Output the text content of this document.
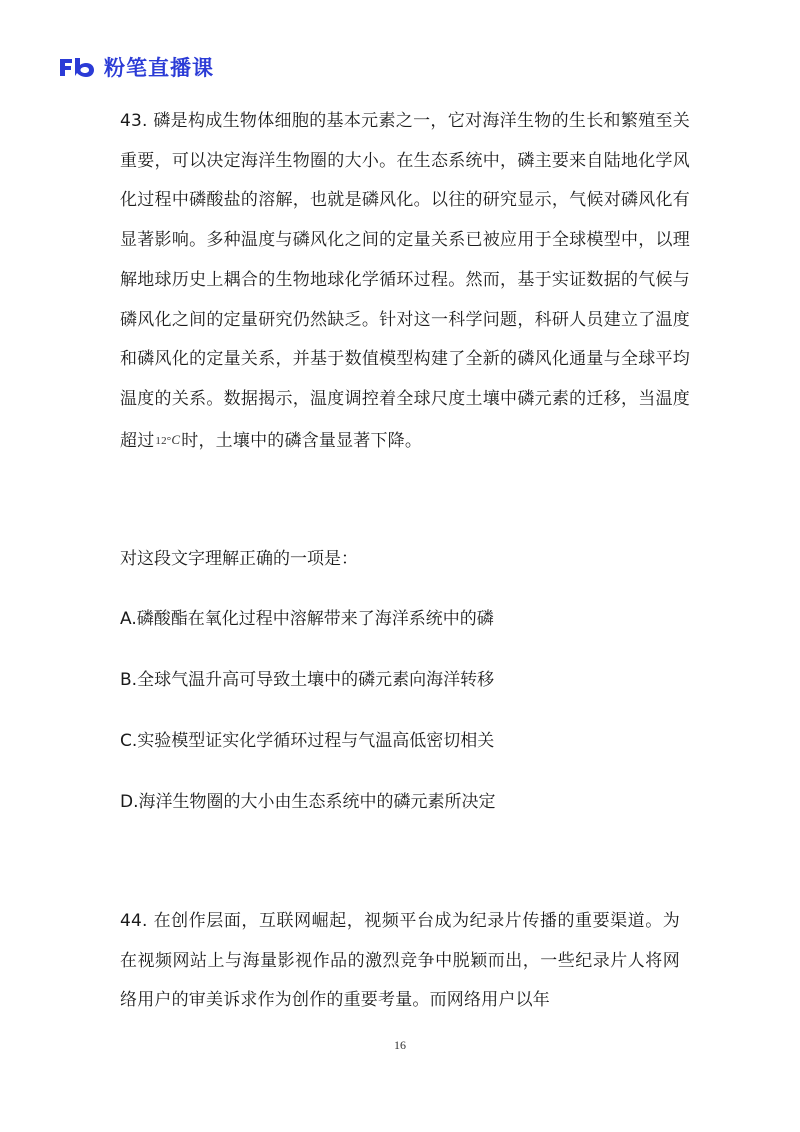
粉笔直播课

43. 磷是构成生物体细胞的基本元素之一，它对海洋生物的生长和繁殖至关重要，可以决定海洋生物圈的大小。在生态系统中，磷主要来自陆地化学风化过程中磷酸盐的溶解，也就是磷风化。以往的研究显示，气候对磷风化有显著影响。多种温度与磷风化之间的定量关系已被应用于全球模型中，以理解地球历史上耦合的生物地球化学循环过程。然而，基于实证数据的气候与磷风化之间的定量研究仍然缺乏。针对这一科学问题，科研人员建立了温度和磷风化的定量关系，并基于数值模型构建了全新的磷风化通量与全球平均温度的关系。数据揭示，温度调控着全球尺度土壤中磷元素的迁移，当温度超过12°C时，土壤中的磷含量显著下降。

对这段文字理解正确的一项是：

A.磷酸酯在氧化过程中溶解带来了海洋系统中的磷

B.全球气温升高可导致土壤中的磷元素向海洋转移

C.实验模型证实化学循环过程与气温高低密切相关

D.海洋生物圈的大小由生态系统中的磷元素所决定

44. 在创作层面，互联网崛起，视频平台成为纪录片传播的重要渠道。为在视频网站上与海量影视作品的激烈竞争中脱颖而出，一些纪录片人将网络用户的审美诉求作为创作的重要考量。而网络用户以年

16
